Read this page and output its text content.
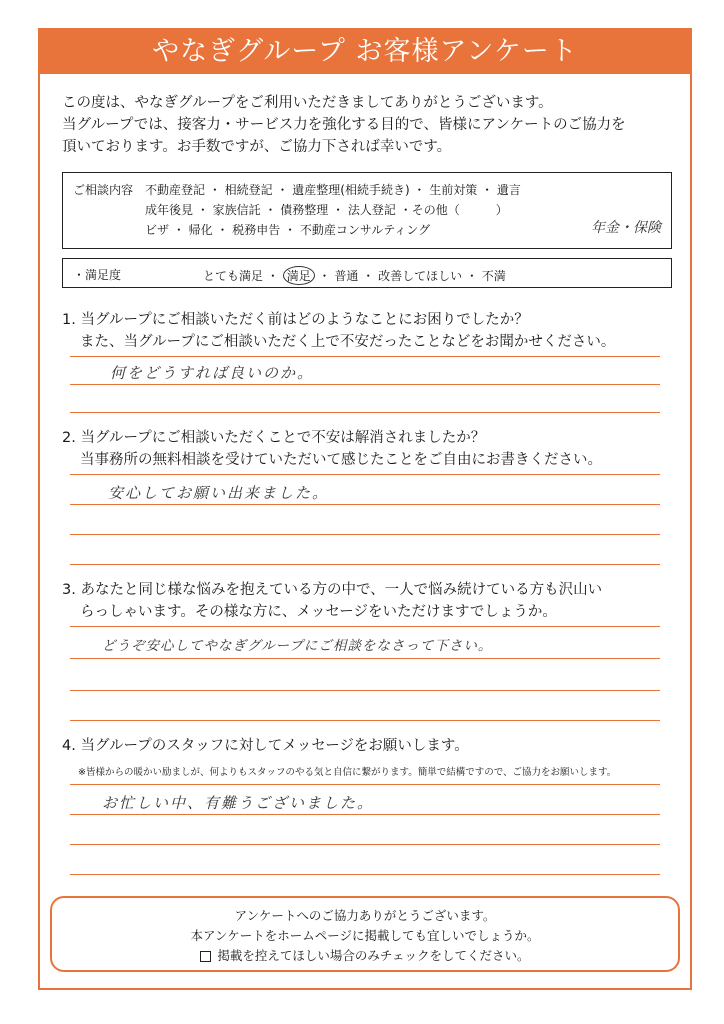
やなぎグループ お客様アンケート
この度は、やなぎグループをご利用いただきましてありがとうございます。
当グループでは、接客力・サービス力を強化する目的で、皆様にアンケートのご協力を
頂いております。お手数ですが、ご協力下されば幸いです。
ご相談内容 不動産登記 ・ 相続登記 ・ 遺産整理(相続手続き) ・ 生前対策 ・ 遺言
成年後見 ・ 家族信託 ・ 債務整理 ・ 法人登記 ・その他（　　　）
ビザ ・ 帰化 ・ 税務申告 ・ 不動産コンサルティング	年金・保険
・満足度	とても満足 ・ 満足 ・ 普通 ・ 改善してほしい ・ 不満
1. 当グループにご相談いただく前はどのようなことにお困りでしたか？
また、当グループにご相談いただく上で不安だったことなどをお聞かせください。
何をどうすれば良いのか。
2. 当グループにご相談いただくことで不安は解消されましたか？
当事務所の無料相談を受けていただいて感じたことをご自由にお書きください。
安心してお願い出来ました。
3. あなたと同じ様な悩みを抱えている方の中で、一人で悩み続けている方も沢山い
らっしゃいます。その様な方に、メッセージをいただけますでしょうか。
どうぞ安心してやなぎグループにご相談をなさって下さい。
4. 当グループのスタッフに対してメッセージをお願いします。
※皆様からの暖かい励ましが、何よりもスタッフのやる気と自信に繋がります。簡単で結構ですので、ご協力をお願いします。
お忙しい中、有難うございました。
アンケートへのご協力ありがとうございます。
本アンケートをホームページに掲載しても宜しいでしょうか。
掲載を控えてほしい場合のみチェックをしてください。
